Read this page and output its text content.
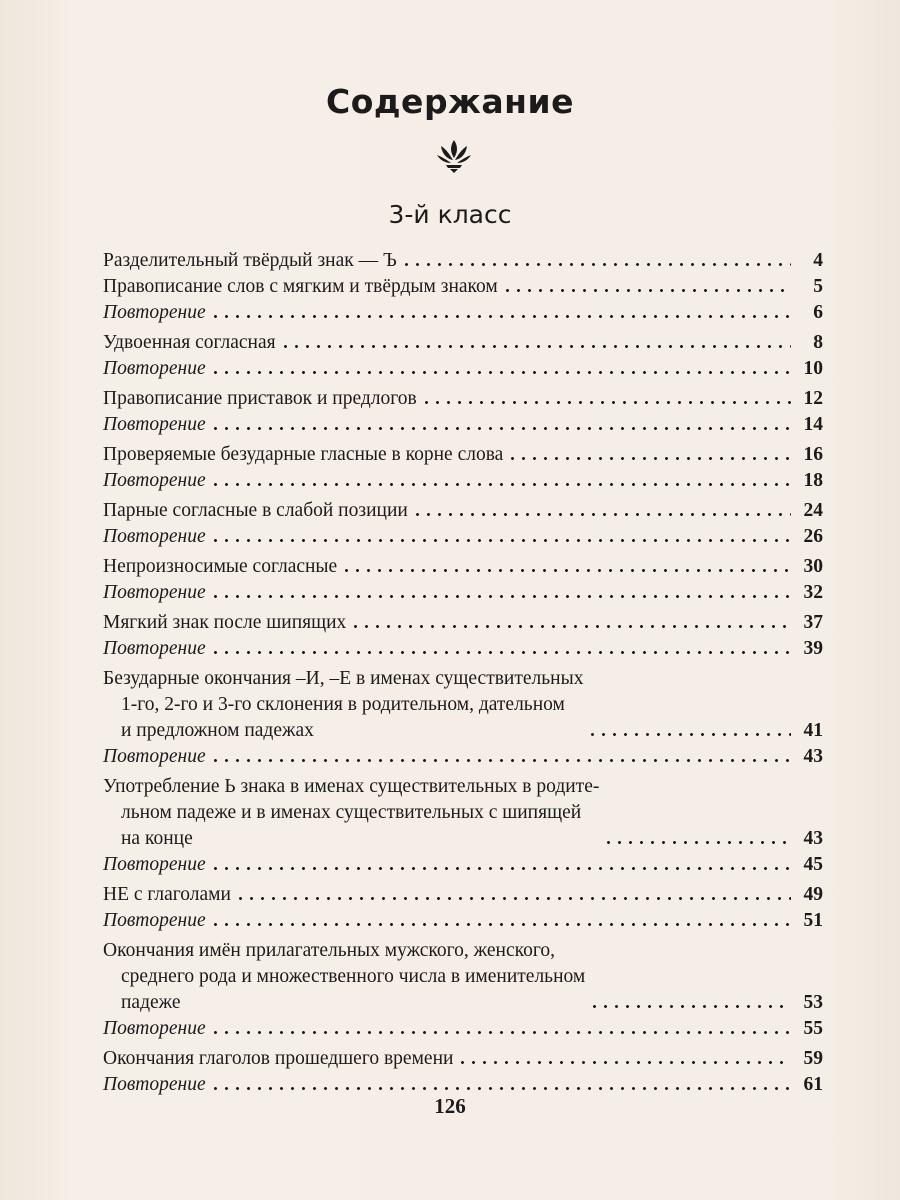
Содержание
3-й класс
Разделительный твёрдый знак — Ъ	4
Правописание слов с мягким и твёрдым знаком	5
Повторение	6
Удвоенная согласная	8
Повторение	10
Правописание приставок и предлогов	12
Повторение	14
Проверяемые безударные гласные в корне слова	16
Повторение	18
Парные согласные в слабой позиции	24
Повторение	26
Непроизносимые согласные	30
Повторение	32
Мягкий знак после шипящих	37
Повторение	39
Безударные окончания –И, –Е в именах существительных
1-го, 2-го и 3-го склонения в родительном, дательном
и предложном падежах	41
Повторение	43
Употребление Ь знака в именах существительных в родите-
льном падеже и в именах существительных с шипящей
на конце	43
Повторение	45
НЕ с глаголами	49
Повторение	51
Окончания имён прилагательных мужского, женского,
среднего рода и множественного числа в именительном
падеже	53
Повторение	55
Окончания глаголов прошедшего времени	59
Повторение	61
126
